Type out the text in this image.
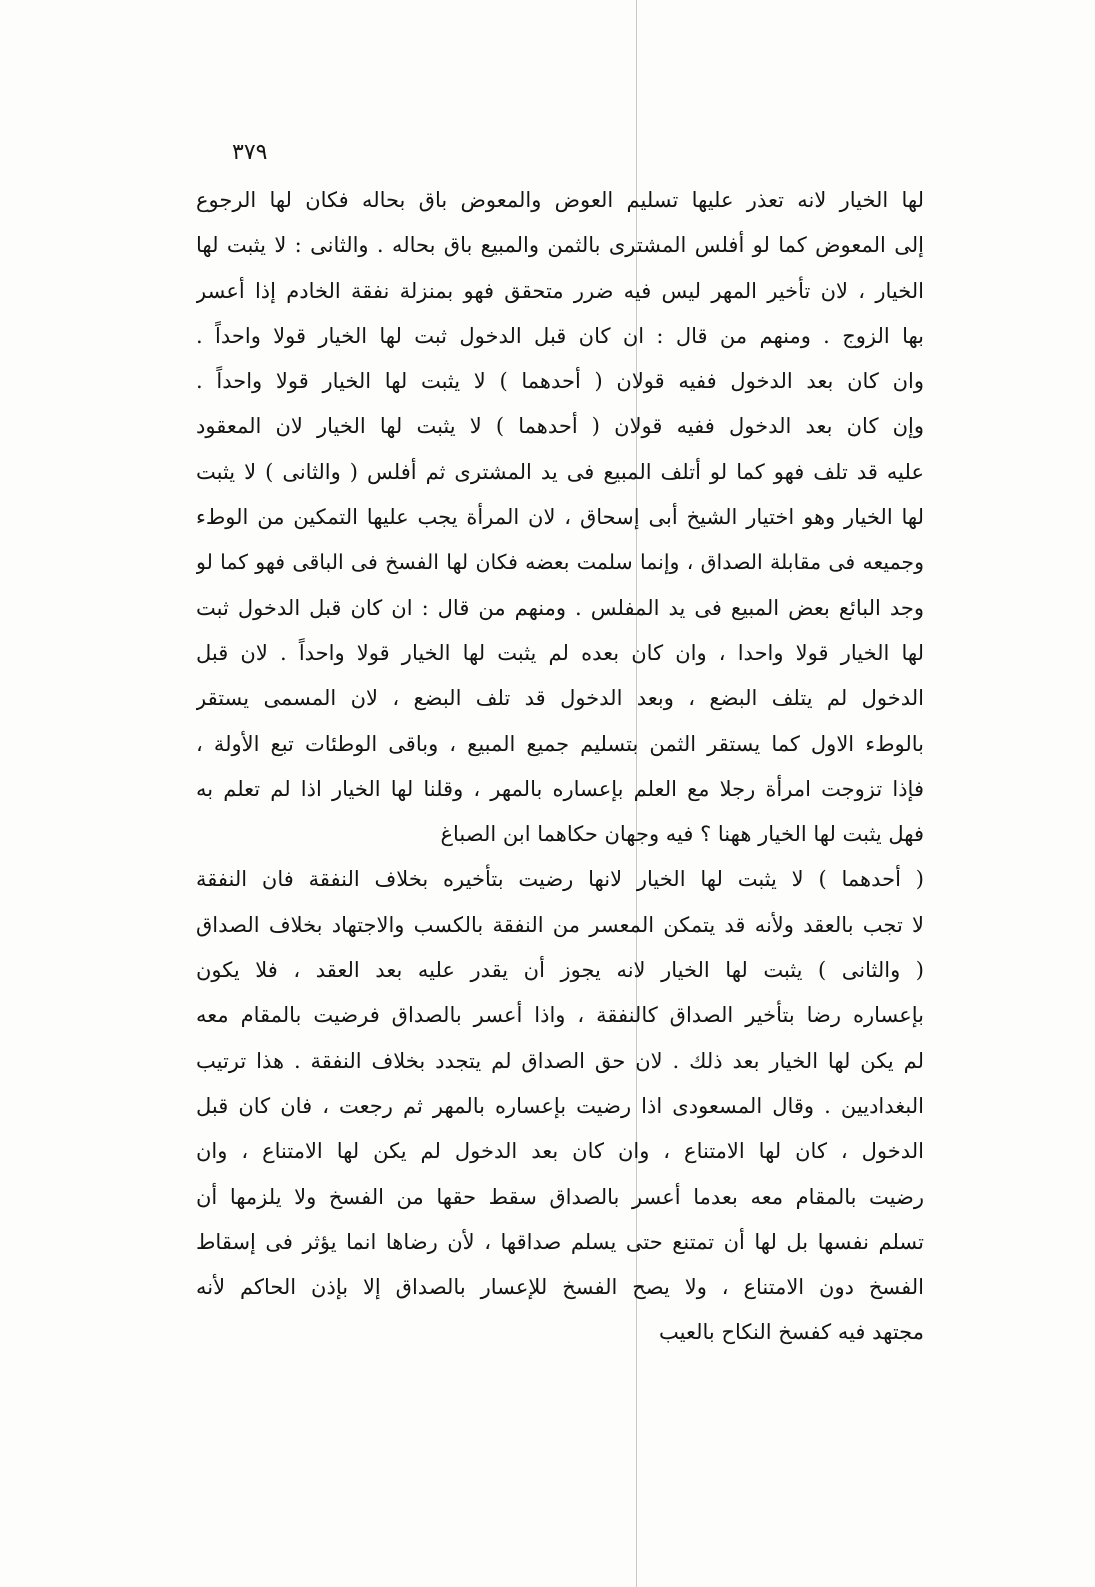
٣٧٩
لها الخيار لانه تعذر عليها تسليم العوض والمعوض باق بحاله فكان لها الرجوع
إلى المعوض كما لو أفلس المشترى بالثمن والمبيع باق بحاله . والثانى : لا يثبت لها
الخيار ، لان تأخير المهر ليس فيه ضرر متحقق فهو بمنزلة نفقة الخادم إذا أعسر
بها الزوج . ومنهم من قال : ان كان قبل الدخول ثبت لها الخيار قولا واحداً .
وان كان بعد الدخول ففيه قولان ( أحدهما ) لا يثبت لها الخيار قولا واحداً .
وإن كان بعد الدخول ففيه قولان ( أحدهما ) لا يثبت لها الخيار لان المعقود
عليه قد تلف فهو كما لو أتلف المبيع فى يد المشترى ثم أفلس ( والثانى ) لا يثبت
لها الخيار وهو اختيار الشيخ أبى إسحاق ، لان المرأة يجب عليها التمكين من الوطء
وجميعه فى مقابلة الصداق ، وإنما سلمت بعضه فكان لها الفسخ فى الباقى فهو كما لو
وجد البائع بعض المبيع فى يد المفلس . ومنهم من قال : ان كان قبل الدخول ثبت
لها الخيار قولا واحدا ، وان كان بعده لم يثبت لها الخيار قولا واحداً . لان قبل
الدخول لم يتلف البضع ، وبعد الدخول قد تلف البضع ، لان المسمى يستقر
بالوطء الاول كما يستقر الثمن بتسليم جميع المبيع ، وباقى الوطئات تبع الأولة ،
فإذا تزوجت امرأة رجلا مع العلم بإعساره بالمهر ، وقلنا لها الخيار اذا لم تعلم به
فهل يثبت لها الخيار ههنا ؟ فيه وجهان حكاهما ابن الصباغ
( أحدهما ) لا يثبت لها الخيار لانها رضيت بتأخيره بخلاف النفقة فان النفقة
لا تجب بالعقد ولأنه قد يتمكن المعسر من النفقة بالكسب والاجتهاد بخلاف الصداق
( والثانى ) يثبت لها الخيار لانه يجوز أن يقدر عليه بعد العقد ، فلا يكون
بإعساره رضا بتأخير الصداق كالنفقة ، واذا أعسر بالصداق فرضيت بالمقام معه
لم يكن لها الخيار بعد ذلك . لان حق الصداق لم يتجدد بخلاف النفقة . هذا ترتيب
البغداديين . وقال المسعودى اذا رضيت بإعساره بالمهر ثم رجعت ، فان كان قبل
الدخول ، كان لها الامتناع ، وان كان بعد الدخول لم يكن لها الامتناع ، وان
رضيت بالمقام معه بعدما أعسر بالصداق سقط حقها من الفسخ ولا يلزمها أن
تسلم نفسها بل لها أن تمتنع حتى يسلم صداقها ، لأن رضاها انما يؤثر فى إسقاط
الفسخ دون الامتناع ، ولا يصح الفسخ للإعسار بالصداق إلا بإذن الحاكم لأنه
مجتهد فيه كفسخ النكاح بالعيب
